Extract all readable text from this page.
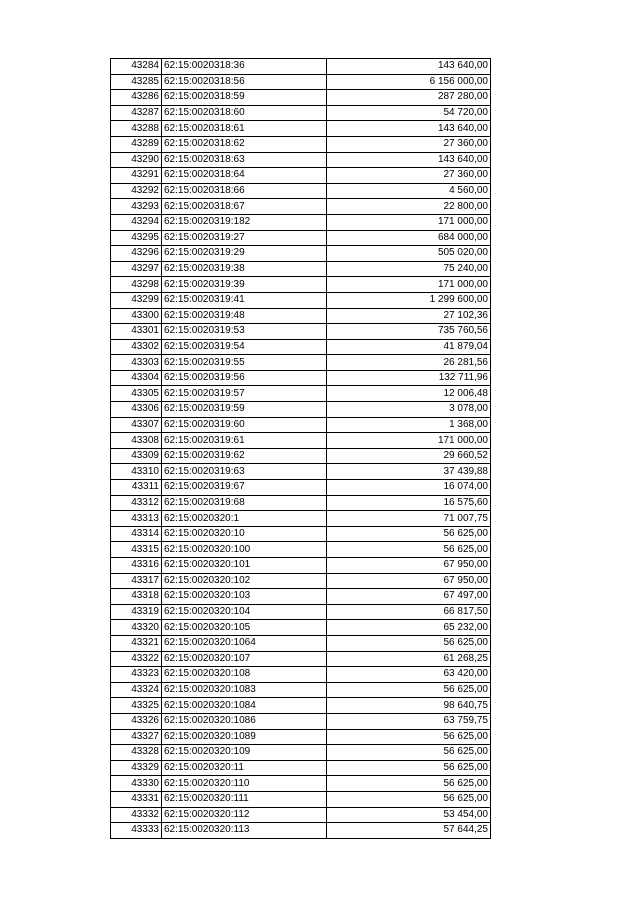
43284	62:15:0020318:36	143 640,00
43285	62:15:0020318:56	6 156 000,00
43286	62:15:0020318:59	287 280,00
43287	62:15:0020318:60	54 720,00
43288	62:15:0020318:61	143 640,00
43289	62:15:0020318:62	27 360,00
43290	62:15:0020318:63	143 640,00
43291	62:15:0020318:64	27 360,00
43292	62:15:0020318:66	4 560,00
43293	62:15:0020318:67	22 800,00
43294	62:15:0020319:182	171 000,00
43295	62:15:0020319:27	684 000,00
43296	62:15:0020319:29	505 020,00
43297	62:15:0020319:38	75 240,00
43298	62:15:0020319:39	171 000,00
43299	62:15:0020319:41	1 299 600,00
43300	62:15:0020319:48	27 102,36
43301	62:15:0020319:53	735 760,56
43302	62:15:0020319:54	41 879,04
43303	62:15:0020319:55	26 281,56
43304	62:15:0020319:56	132 711,96
43305	62:15:0020319:57	12 006,48
43306	62:15:0020319:59	3 078,00
43307	62:15:0020319:60	1 368,00
43308	62:15:0020319:61	171 000,00
43309	62:15:0020319:62	29 660,52
43310	62:15:0020319:63	37 439,88
43311	62:15:0020319:67	16 074,00
43312	62:15:0020319:68	16 575,60
43313	62:15:0020320:1	71 007,75
43314	62:15:0020320:10	56 625,00
43315	62:15:0020320:100	56 625,00
43316	62:15:0020320:101	67 950,00
43317	62:15:0020320:102	67 950,00
43318	62:15:0020320:103	67 497,00
43319	62:15:0020320:104	66 817,50
43320	62:15:0020320:105	65 232,00
43321	62:15:0020320:1064	56 625,00
43322	62:15:0020320:107	61 268,25
43323	62:15:0020320:108	63 420,00
43324	62:15:0020320:1083	56 625,00
43325	62:15:0020320:1084	98 640,75
43326	62:15:0020320:1086	63 759,75
43327	62:15:0020320:1089	56 625,00
43328	62:15:0020320:109	56 625,00
43329	62:15:0020320:11	56 625,00
43330	62:15:0020320:110	56 625,00
43331	62:15:0020320:111	56 625,00
43332	62:15:0020320:112	53 454,00
43333	62:15:0020320:113	57 644,25
